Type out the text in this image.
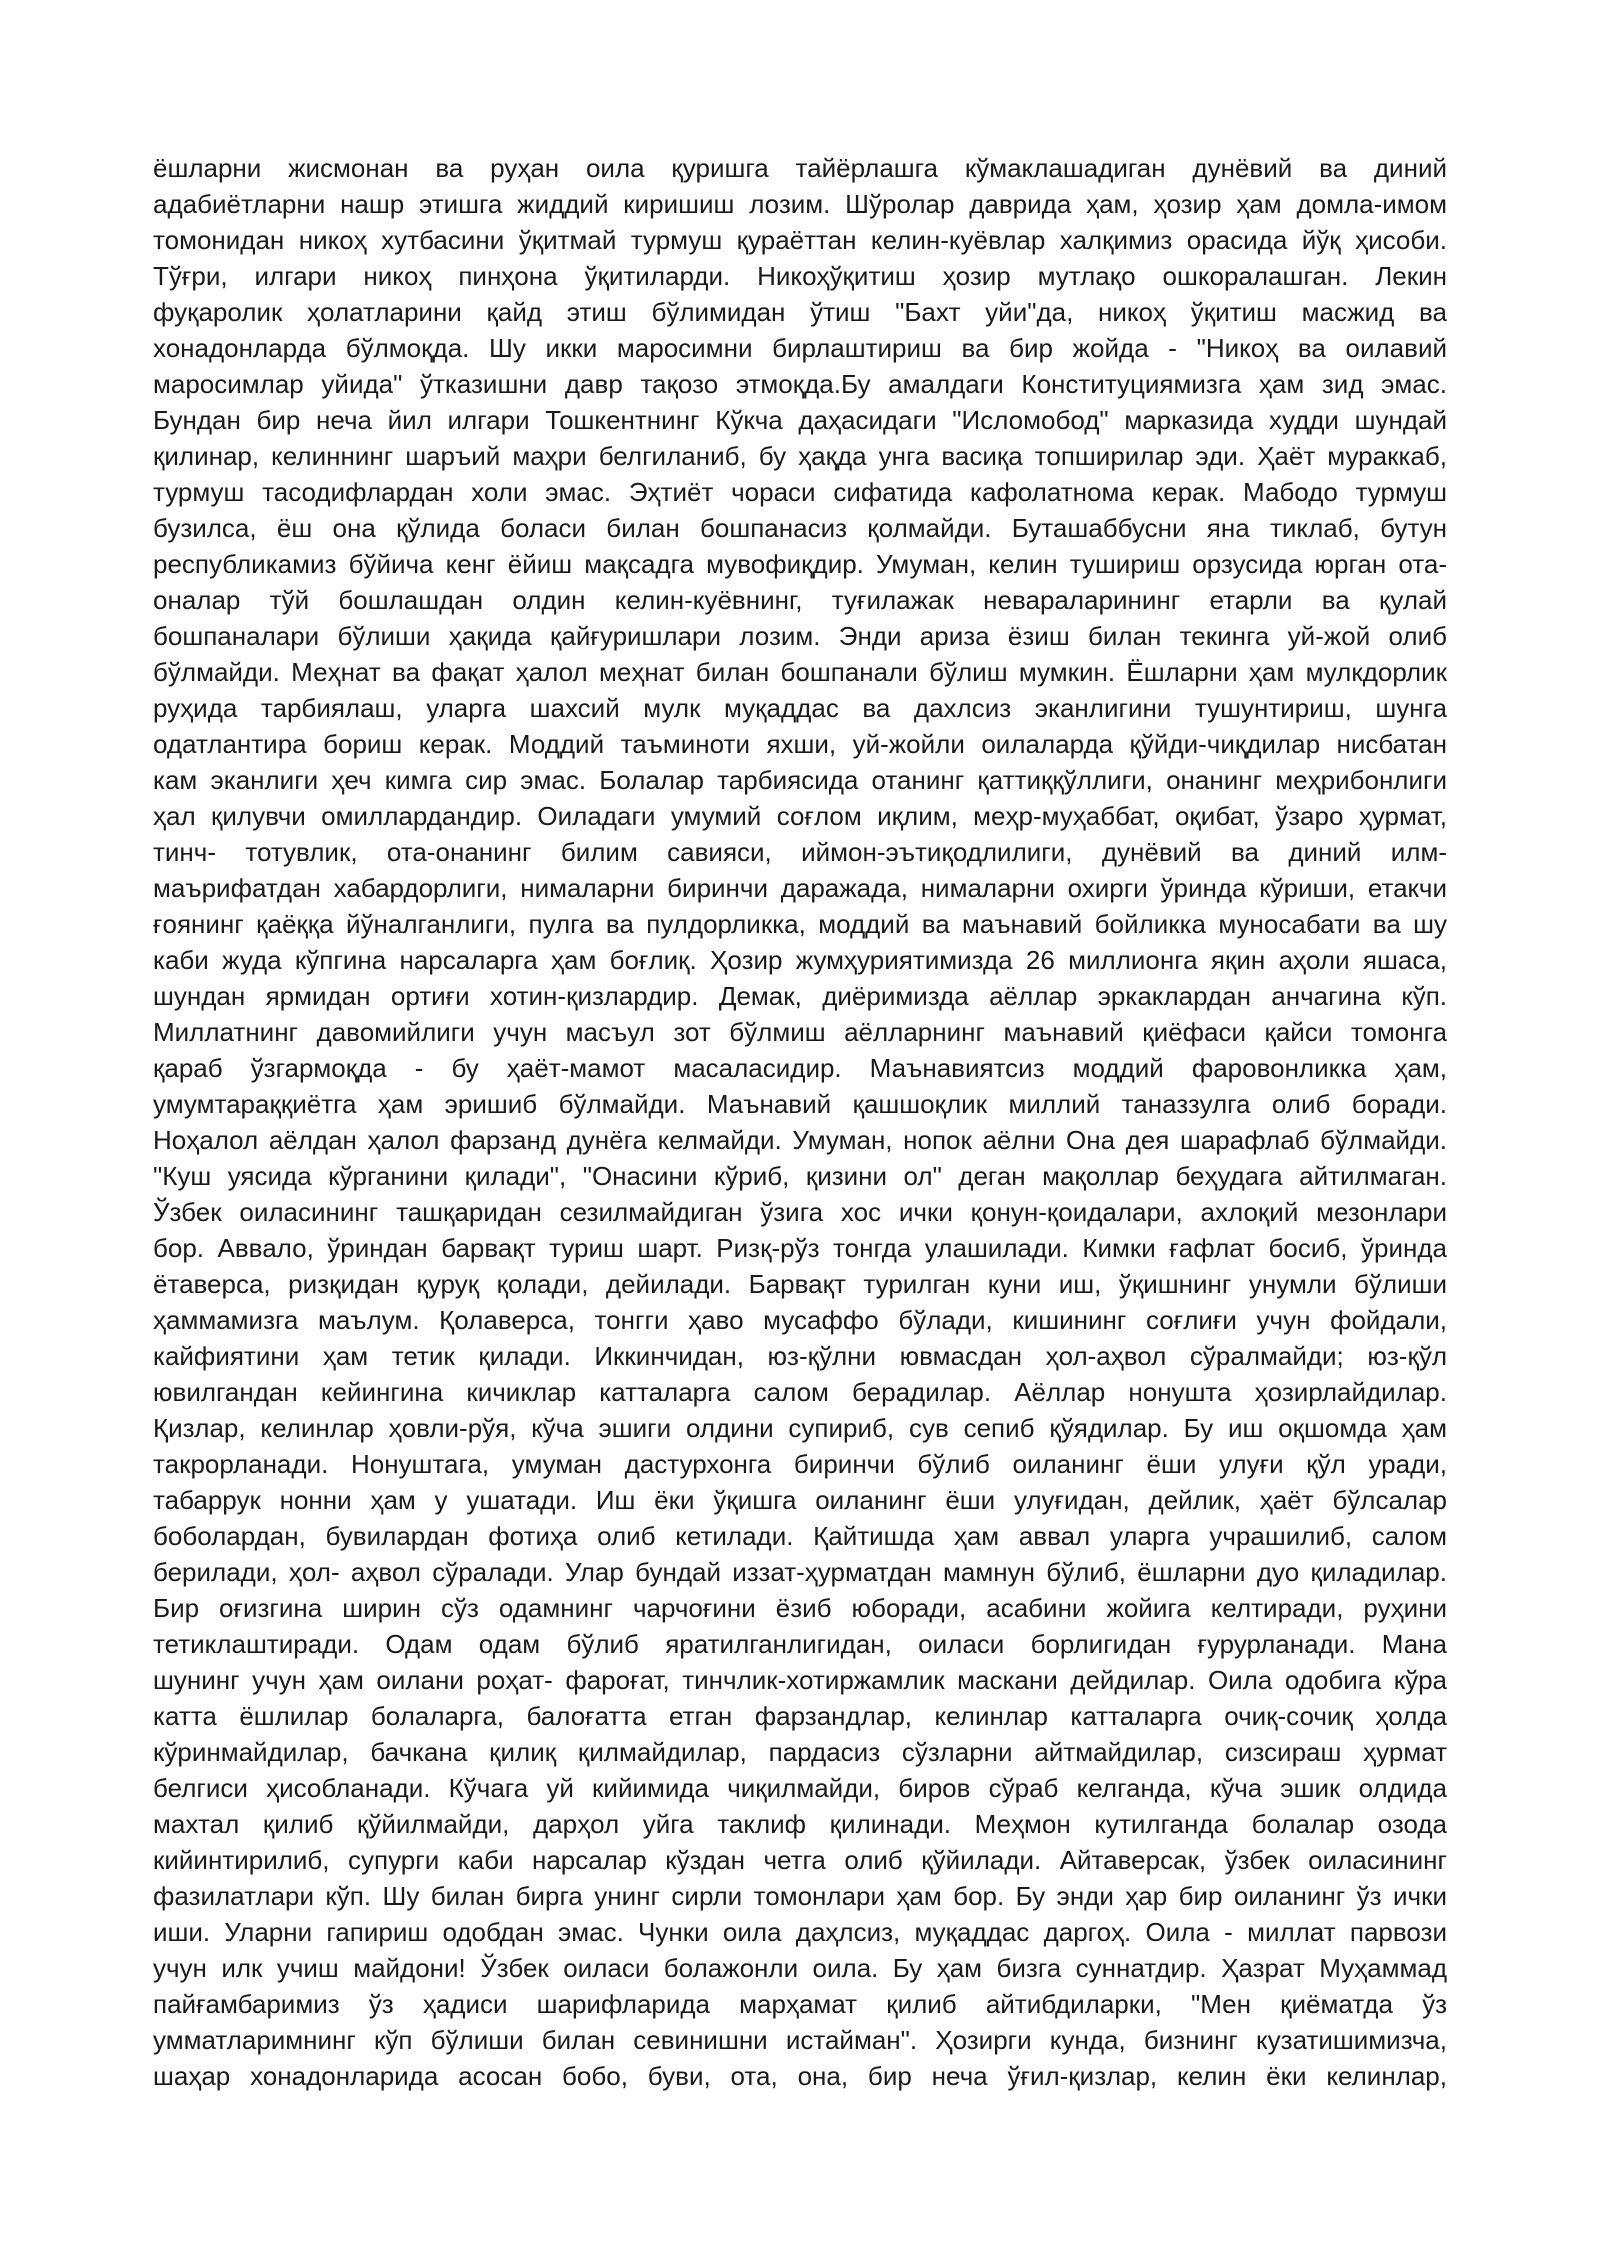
ёшларни жисмонан ва руҳан оила қуришга тайёрлашга кўмаклашадиган дунёвий ва диний
адабиётларни нашр этишга жиддий киришиш лозим. Шўролар даврида ҳам, ҳозир ҳам домла-имом
томонидан никоҳ хутбасини ўқитмай турмуш қураëттан келин-куёвлар халқимиз орасида йўқ ҳисоби.
Тўғри, илгари никоҳ пинҳона ўқитиларди. Никоҳўқитиш ҳозир мутлақо ошкоралашган. Лекин
фуқаролик ҳолатларини қайд этиш бўлимидан ўтиш "Бахт уйи"да, никоҳ ўқитиш масжид ва
хонадонларда бўлмоқда. Шу икки маросимни бирлаштириш ва бир жойда - "Никоҳ ва оилавий
маросимлар уйида" ўтказишни давр тақозо этмоқда.Бу амалдаги Конституциямизга ҳам зид эмас.
Бундан бир неча йил илгари Тошкентнинг Кўкча даҳасидаги "Исломобод" марказида худди шундай
қилинар, келиннинг шаръий маҳри белгиланиб, бу ҳақда унга васиқа топширилар эди. Ҳаёт мураккаб,
турмуш тасодифлардан холи эмас. Эҳтиёт чораси сифатида кафолатнома керак. Мабодо турмуш
бузилса, ёш она қўлида боласи билан бошпанасиз қолмайди. Буташаббусни яна тиклаб, бутун
республикамиз бўйича кенг ёйиш мақсадга мувофиқдир. Умуман, келин тушириш орзусида юрган ота-
оналар тўй бошлашдан олдин келин-куёвнинг, туғилажак невараларининг етарли ва қулай
бошпаналари бўлиши ҳақида қайғуришлари лозим. Энди ариза ёзиш билан текинга уй-жой олиб
бўлмайди. Меҳнат ва фақат ҳалол меҳнат билан бошпанали бўлиш мумкин. Ёшларни ҳам мулкдорлик
руҳида тарбиялаш, уларга шахсий мулк муқаддас ва дахлсиз эканлигини тушунтириш, шунга
одатлантира бориш керак. Моддий таъминоти яхши, уй-жойли оилаларда қўйди-чиқдилар нисбатан
кам эканлиги ҳеч кимга сир эмас. Болалар тарбиясида отанинг қаттиққўллиги, онанинг меҳрибонлиги
ҳал қилувчи омиллардандир. Оиладаги умумий соғлом иқлим, меҳр-муҳаббат, оқибат, ўзаро ҳурмат,
тинч- тотувлик, ота-онанинг билим савияси, иймон-эътиқодлилиги, дунёвий ва диний илм-
маърифатдан хабардорлиги, нималарни биринчи даражада, нималарни охирги ўринда кўриши, етакчи
ғоянинг қаёққа йўналганлиги, пулга ва пулдорликка, моддий ва маънавий бойликка муносабати ва шу
каби жуда кўпгина нарсаларга ҳам боғлиқ. Ҳозир жумҳуриятимизда 26 миллионга яқин аҳоли яшаса,
шундан ярмидан ортиғи хотин-қизлардир. Демак, диёримизда аёллар эркаклардан анчагина кўп.
Миллатнинг давомийлиги учун масъул зот бўлмиш аёлларнинг маънавий қиёфаси қайси томонга
қараб ўзгармоқда - бу ҳаёт-мамот масаласидир. Маънавиятсиз моддий фаровонликка ҳам,
умумтараққиётга ҳам эришиб бўлмайди. Маънавий қашшоқлик миллий таназзулга олиб боради.
Ноҳалол аёлдан ҳалол фарзанд дунёга келмайди. Умуман, нопок аёлни Она дея шарафлаб бўлмайди.
"Куш уясида кўрганини қилади", "Онасини кўриб, қизини ол" деган мақоллар беҳудага айтилмаган.
Ўзбек оиласининг ташқаридан сезилмайдиган ўзига хос ички қонун-қоидалари, ахлоқий мезонлари
бор. Аввало, ўриндан барвақт туриш шарт. Ризқ-рўз тонгда улашилади. Кимки ғафлат босиб, ўринда
ётаверса, ризқидан қуруқ қолади, дейилади. Барвақт турилган куни иш, ўқишнинг унумли бўлиши
ҳаммамизга маълум. Қолаверса, тонгги ҳаво мусаффо бўлади, кишининг соғлиғи учун фойдали,
кайфиятини ҳам тетик қилади. Иккинчидан, юз-қўлни ювмасдан ҳол-аҳвол сўралмайди; юз-қўл
ювилгандан кейингина кичиклар катталарга салом берадилар. Аёллар нонушта ҳозирлайдилар.
Қизлар, келинлар ҳовли-рўя, кўча эшиги олдини супириб, сув сепиб қўядилар. Бу иш оқшомда ҳам
такрорланади. Нонуштага, умуман дастурхонга биринчи бўлиб оиланинг ёши улуғи қўл уради,
табаррук нонни ҳам у ушатади. Иш ёки ўқишга оиланинг ёши улуғидан, дейлик, ҳаёт бўлсалар
боболардан, бувилардан фотиҳа олиб кетилади. Қайтишда ҳам аввал уларга учрашилиб, салом
берилади, ҳол- аҳвол сўралади. Улар бундай иззат-ҳурматдан мамнун бўлиб, ёшларни дуо қиладилар.
Бир оғизгина ширин сўз одамнинг чарчоғини ёзиб юборади, асабини жойига келтиради, руҳини
тетиклаштиради. Одам одам бўлиб яратилганлигидан, оиласи борлигидан ғурурланади. Мана
шунинг учун ҳам оилани роҳат- фароғат, тинчлик-хотиржамлик маскани дейдилар. Оила одобига кўра
катта ёшлилар болаларга, балоғатта етган фарзандлар, келинлар катталарга очиқ-сочиқ ҳолда
кўринмайдилар, бачкана қилиқ қилмайдилар, пардасиз сўзларни айтмайдилар, сизсираш ҳурмат
белгиси ҳисобланади. Кўчага уй кийимида чиқилмайди, биров сўраб келганда, кўча эшик олдида
махтал қилиб қўйилмайди, дарҳол уйга таклиф қилинади. Меҳмон кутилганда болалар озода
кийинтирилиб, супурги каби нарсалар кўздан четга олиб қўйилади. Айтаверсак, ўзбек оиласининг
фазилатлари кўп. Шу билан бирга унинг сирли томонлари ҳам бор. Бу энди ҳар бир оиланинг ўз ички
иши. Уларни гапириш одобдан эмас. Чунки оила даҳлсиз, муқаддас даргоҳ. Оила - миллат парвози
учун илк учиш майдони! Ўзбек оиласи болажонли оила. Бу ҳам бизга суннатдир. Ҳазрат Муҳаммад
пайғамбаримиз ўз ҳадиси шарифларида марҳамат қилиб айтибдиларки, "Мен қиёматда ўз
умматларимнинг кўп бўлиши билан севинишни истайман". Ҳозирги кунда, бизнинг кузатишимизча,
шаҳар хонадонларида асосан бобо, буви, ота, она, бир неча ўғил-қизлар, келин ёки келинлар,
